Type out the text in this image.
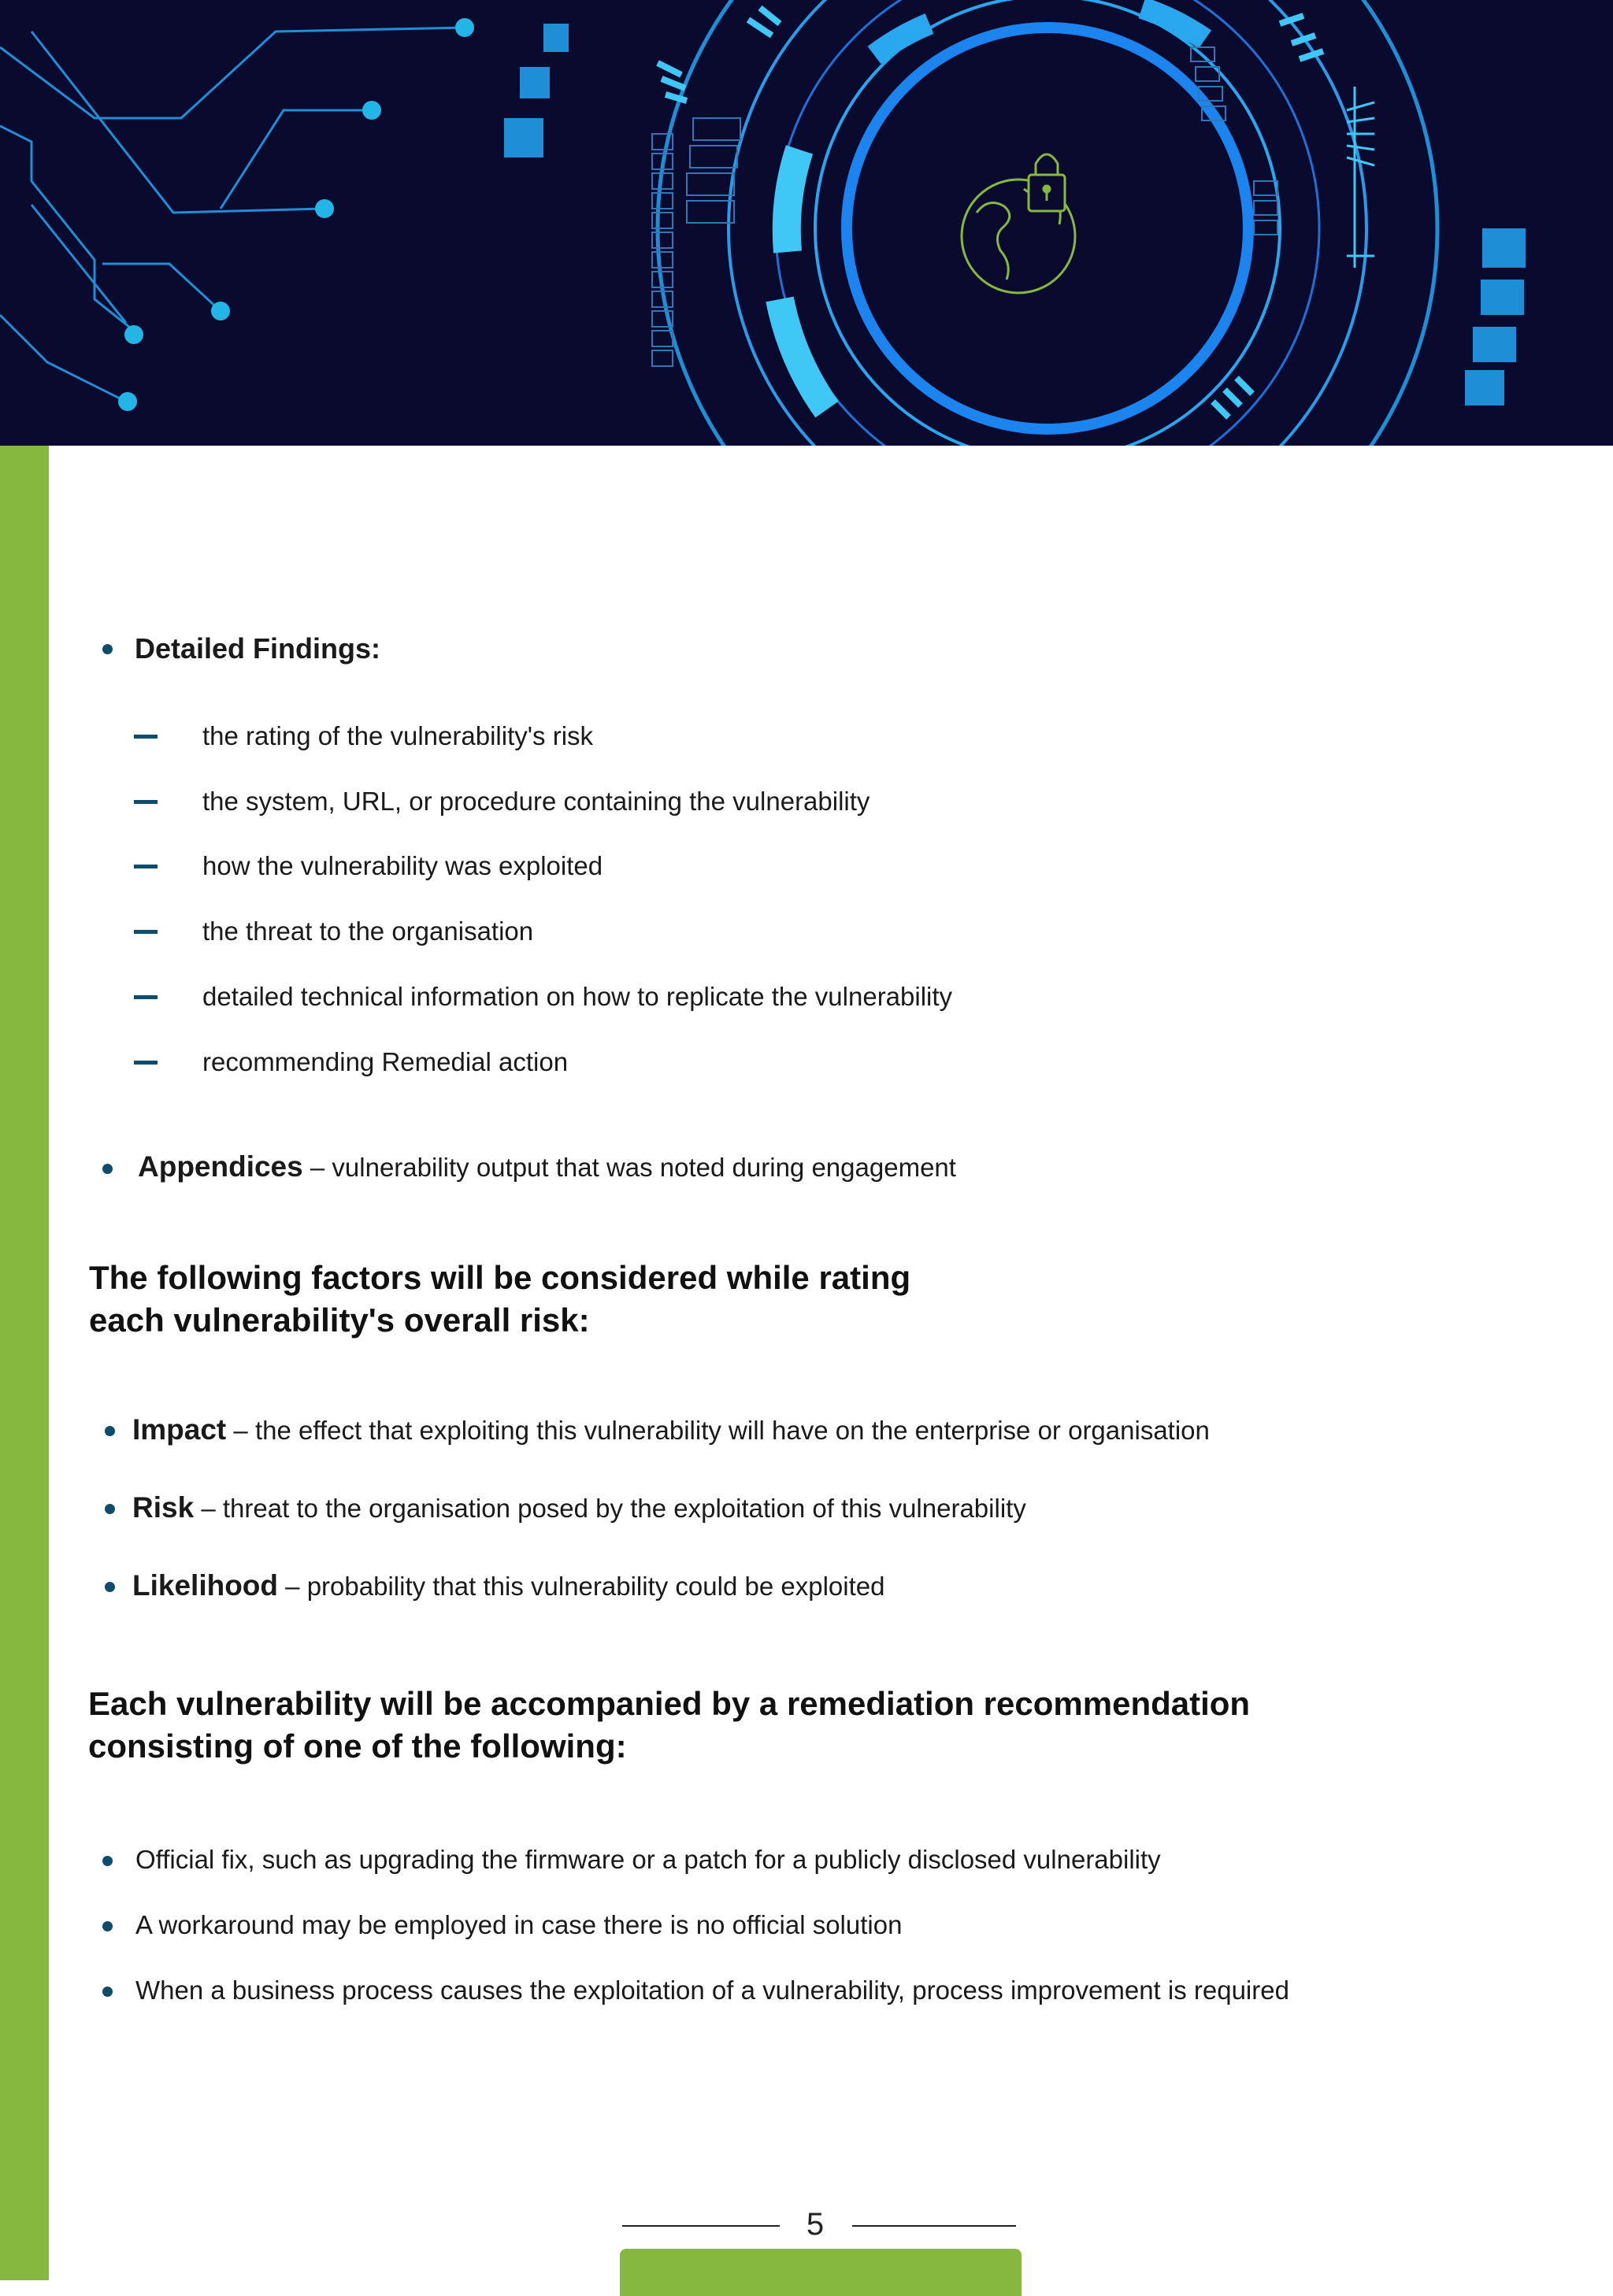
Detailed Findings:
the rating of the vulnerability's risk
the system, URL, or procedure containing the vulnerability
how the vulnerability was exploited
the threat to the organisation
detailed technical information on how to replicate the vulnerability
recommending Remedial action
Appendices – vulnerability output that was noted during engagement
The following factors will be considered while rating
each vulnerability's overall risk:
Impact – the effect that exploiting this vulnerability will have on the enterprise or organisation
Risk – threat to the organisation posed by the exploitation of this vulnerability
Likelihood – probability that this vulnerability could be exploited
Each vulnerability will be accompanied by a remediation recommendation
consisting of one of the following:
Official fix, such as upgrading the firmware or a patch for a publicly disclosed vulnerability
A workaround may be employed in case there is no official solution
When a business process causes the exploitation of a vulnerability, process improvement is required
5
